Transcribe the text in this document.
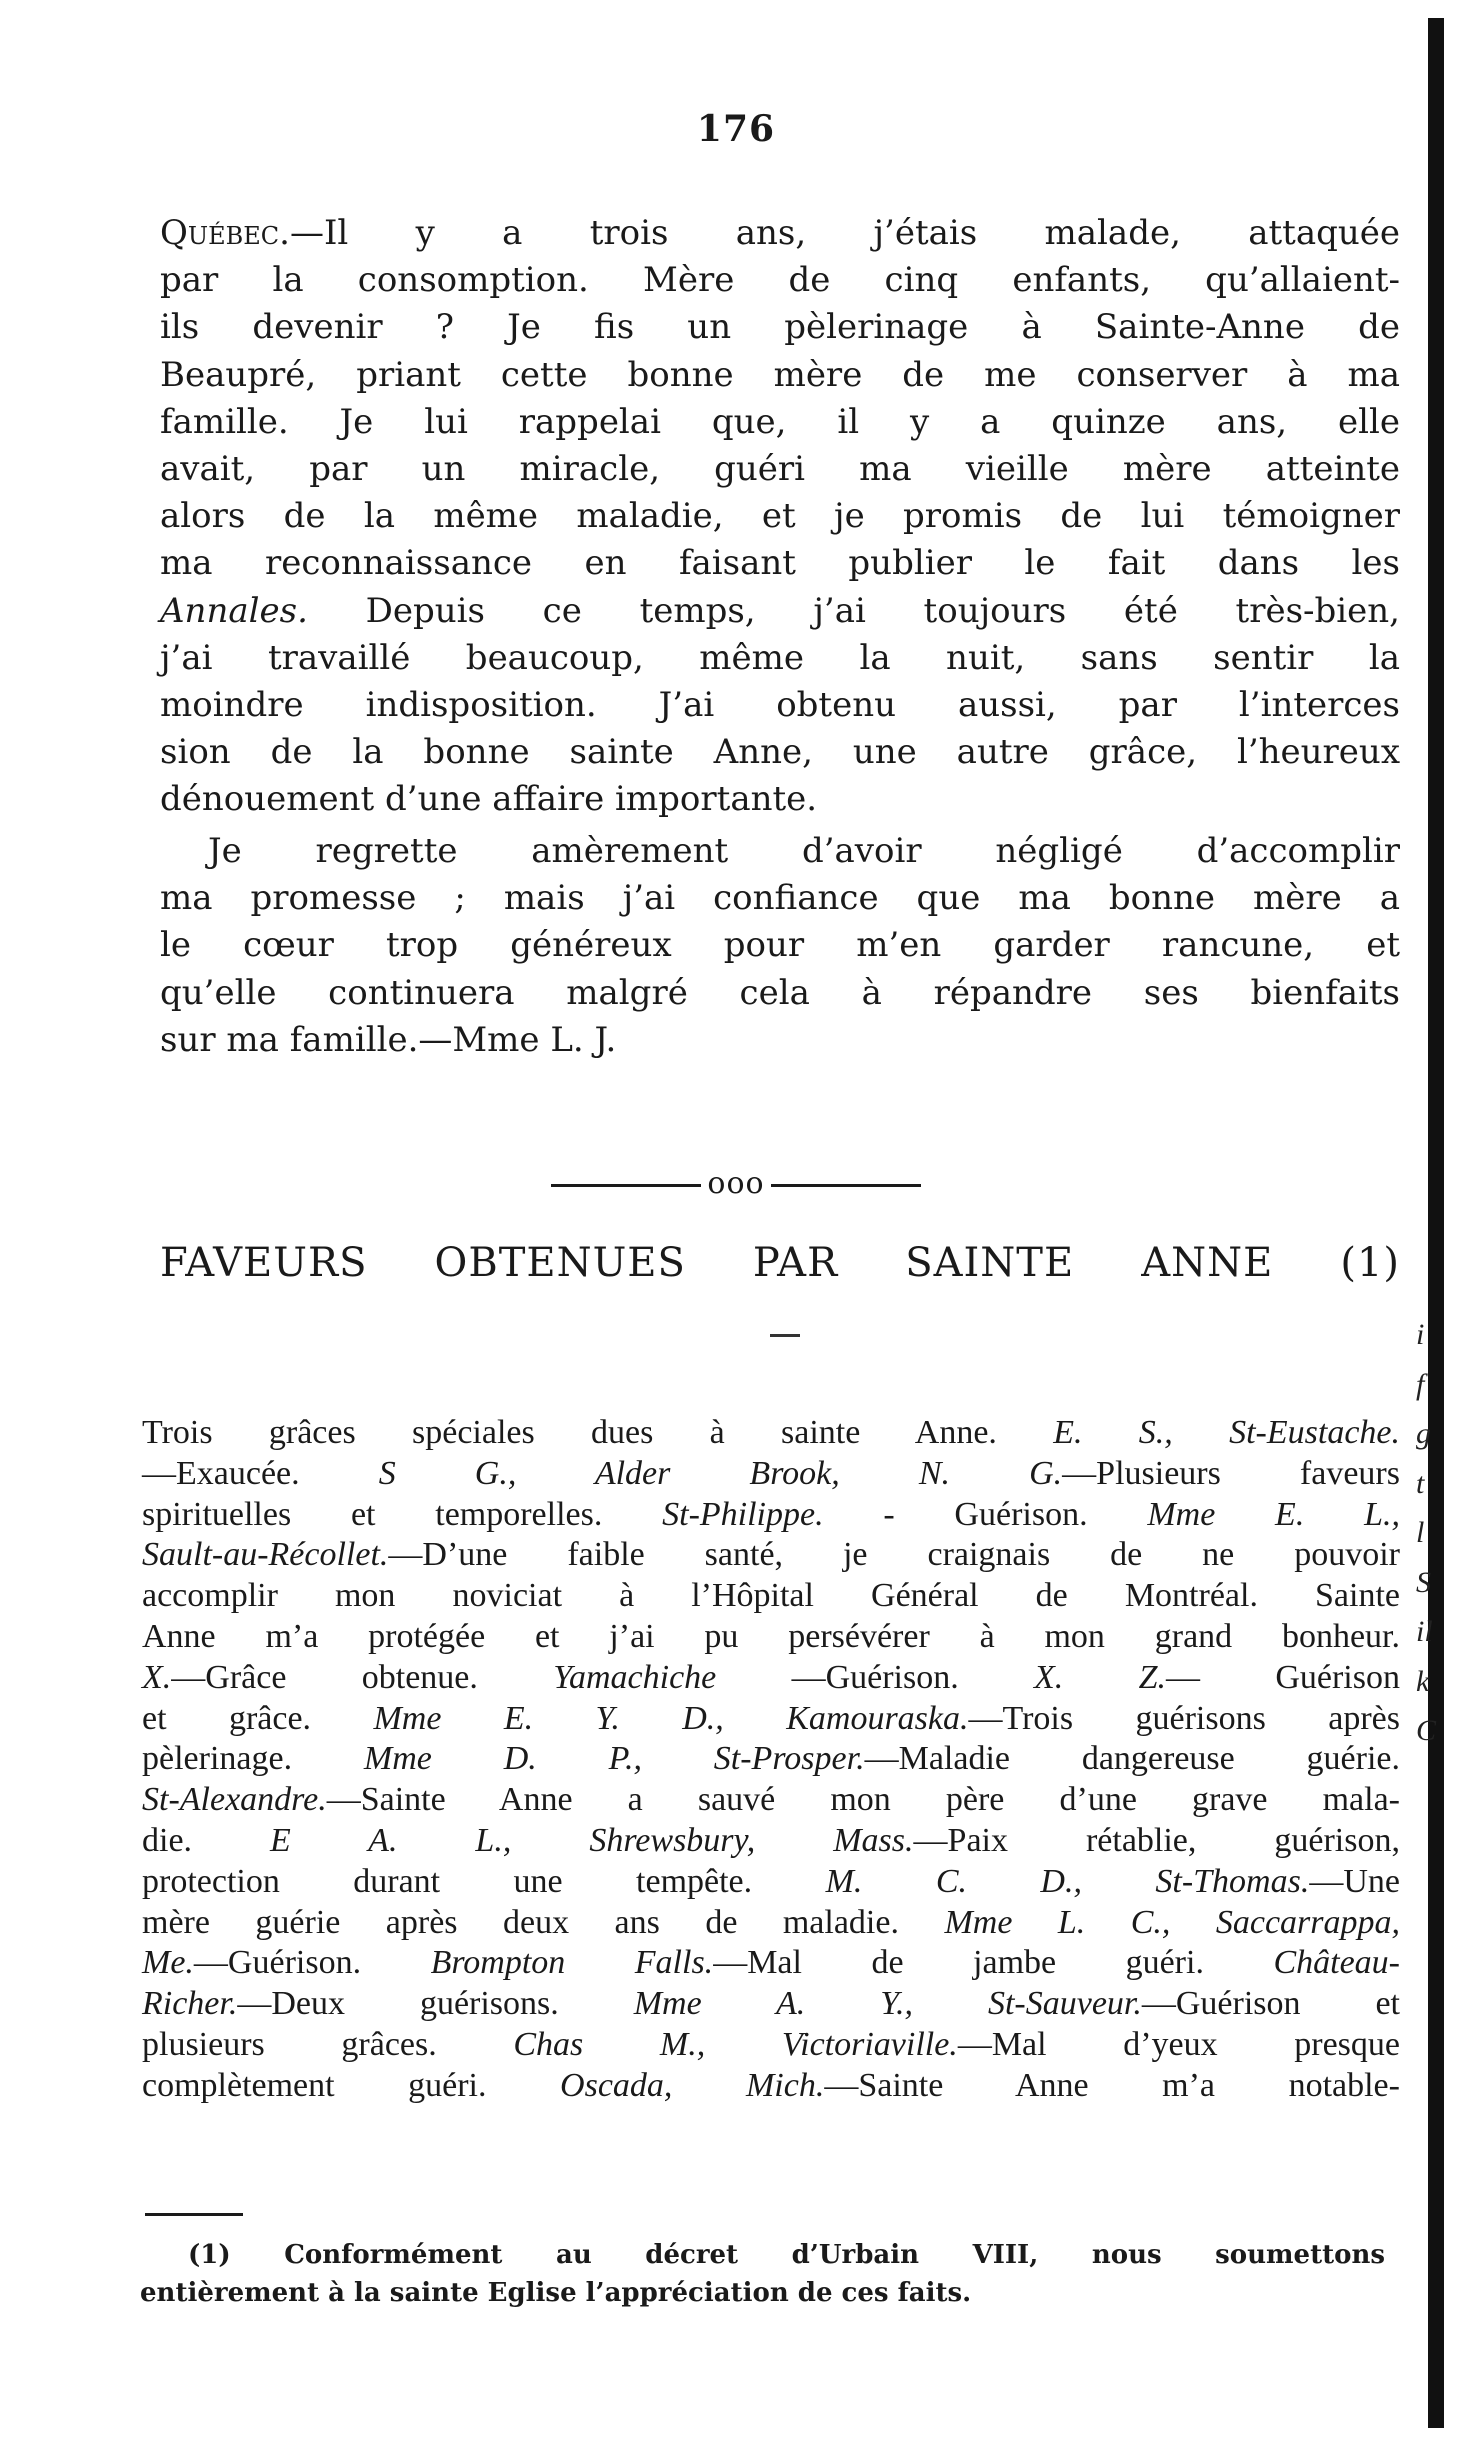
i
f
g
t
l
S
il
k
C
176
Québec.—Il y a trois ans, j’étais malade, attaquée
par la consomption. Mère de cinq enfants, qu’allaient-
ils devenir ? Je fis un pèlerinage à Sainte-Anne de
Beaupré, priant cette bonne mère de me conserver à ma
famille. Je lui rappelai que, il y a quinze ans, elle
avait, par un miracle, guéri ma vieille mère atteinte
alors de la même maladie, et je promis de lui témoigner
ma reconnaissance en faisant publier le fait dans les
Annales. Depuis ce temps, j’ai toujours été très-bien,
j’ai travaillé beaucoup, même la nuit, sans sentir la
moindre indisposition. J’ai obtenu aussi, par l’interces
sion de la bonne sainte Anne, une autre grâce, l’heureux
dénouement d’une affaire importante.
Je regrette amèrement d’avoir négligé d’accomplir
ma promesse ; mais j’ai confiance que ma bonne mère a
le cœur trop généreux pour m’en garder rancune, et
qu’elle continuera malgré cela à répandre ses bienfaits
sur ma famille.—Mme L. J.
ooo
FAVEURS OBTENUES PAR SAINTE ANNE (1)
Trois grâces spéciales dues à sainte Anne. E. S., St-Eustache.
—Exaucée. S G., Alder Brook, N. G.—Plusieurs faveurs
spirituelles et temporelles. St-Philippe. - Guérison. Mme E. L.,
Sault-au-Récollet.—D’une faible santé, je craignais de ne pouvoir
accomplir mon noviciat à l’Hôpital Général de Montréal. Sainte
Anne m’a protégée et j’ai pu persévérer à mon grand bonheur.
X.—Grâce obtenue. Yamachiche —Guérison. X. Z.— Guérison
et grâce. Mme E. Y. D., Kamouraska.—Trois guérisons après
pèlerinage. Mme D. P., St-Prosper.—Maladie dangereuse guérie.
St-Alexandre.—Sainte Anne a sauvé mon père d’une grave mala-
die. E A. L., Shrewsbury, Mass.—Paix rétablie, guérison,
protection durant une tempête. M. C. D., St-Thomas.—Une
mère guérie après deux ans de maladie. Mme L. C., Saccarrappa,
Me.—Guérison. Brompton Falls.—Mal de jambe guéri. Château-
Richer.—Deux guérisons. Mme A. Y., St-Sauveur.—Guérison et
plusieurs grâces. Chas M., Victoriaville.—Mal d’yeux presque
complètement guéri. Oscada, Mich.—Sainte Anne m’a notable-
(1) Conformément au décret d’Urbain VIII, nous soumettons
entièrement à la sainte Eglise l’appréciation de ces faits.
